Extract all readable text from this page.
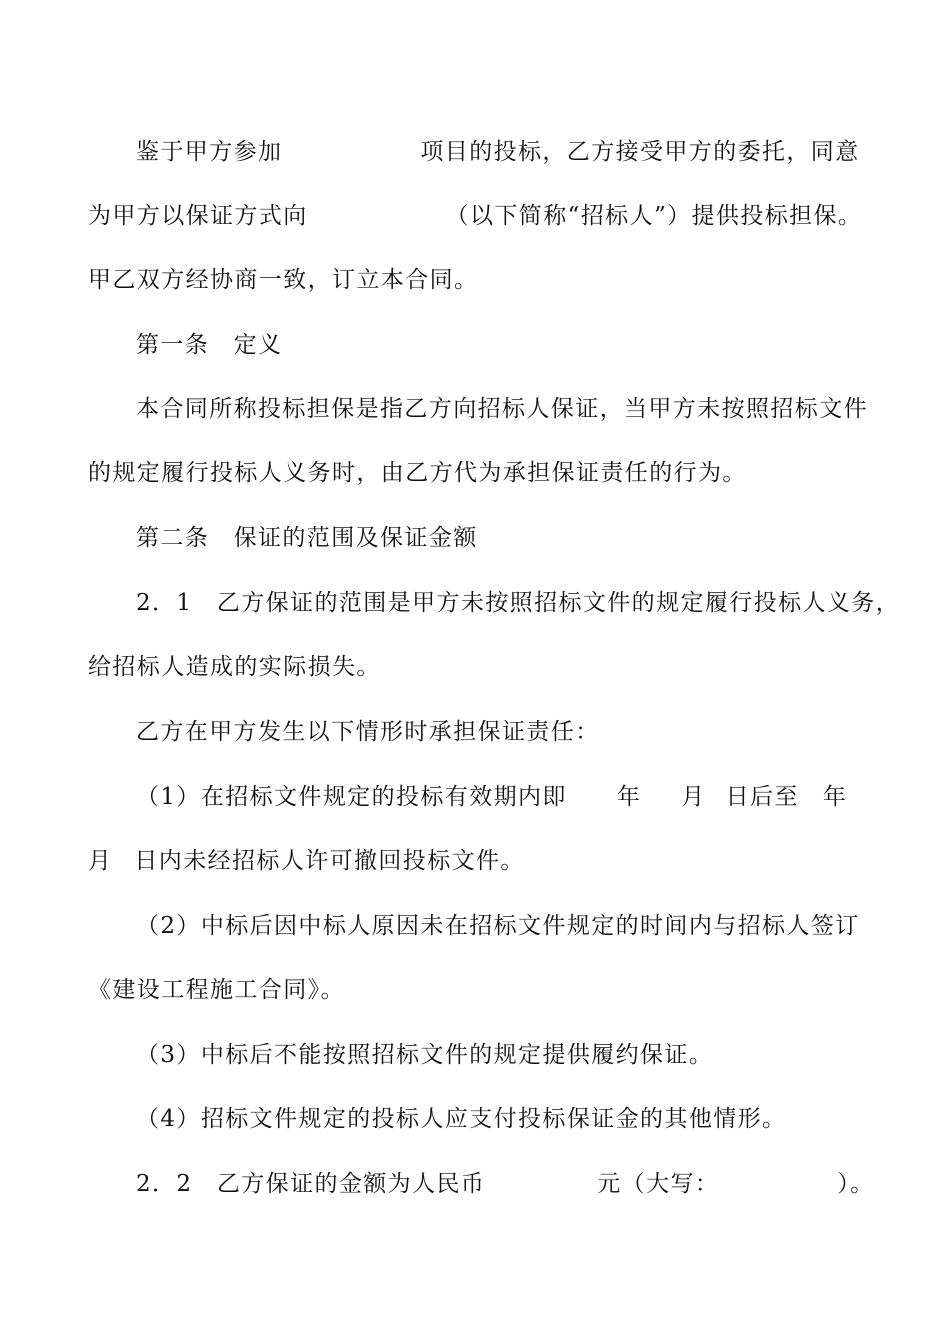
鉴于甲方参加	项目的投标，乙方接受甲方的委托，同意
为甲方以保证方式向	（以下简称“招标人”）提供投标担保。
甲乙双方经协商一致，订立本合同。
第一条　定义
本合同所称投标担保是指乙方向招标人保证，当甲方未按照招标文件
的规定履行投标人义务时，由乙方代为承担保证责任的行为。
第二条　保证的范围及保证金额
2．1　乙方保证的范围是甲方未按照招标文件的规定履行投标人义务，
给招标人造成的实际损失。
乙方在甲方发生以下情形时承担保证责任：
（1）在招标文件规定的投标有效期内即 年 月 日后至 年
月 日内未经招标人许可撤回投标文件。
（2）中标后因中标人原因未在招标文件规定的时间内与招标人签订
《建设工程施工合同》。
（3）中标后不能按照招标文件的规定提供履约保证。
（4）招标文件规定的投标人应支付投标保证金的其他情形。
2．2　乙方保证的金额为人民币	元（大写：	）。
